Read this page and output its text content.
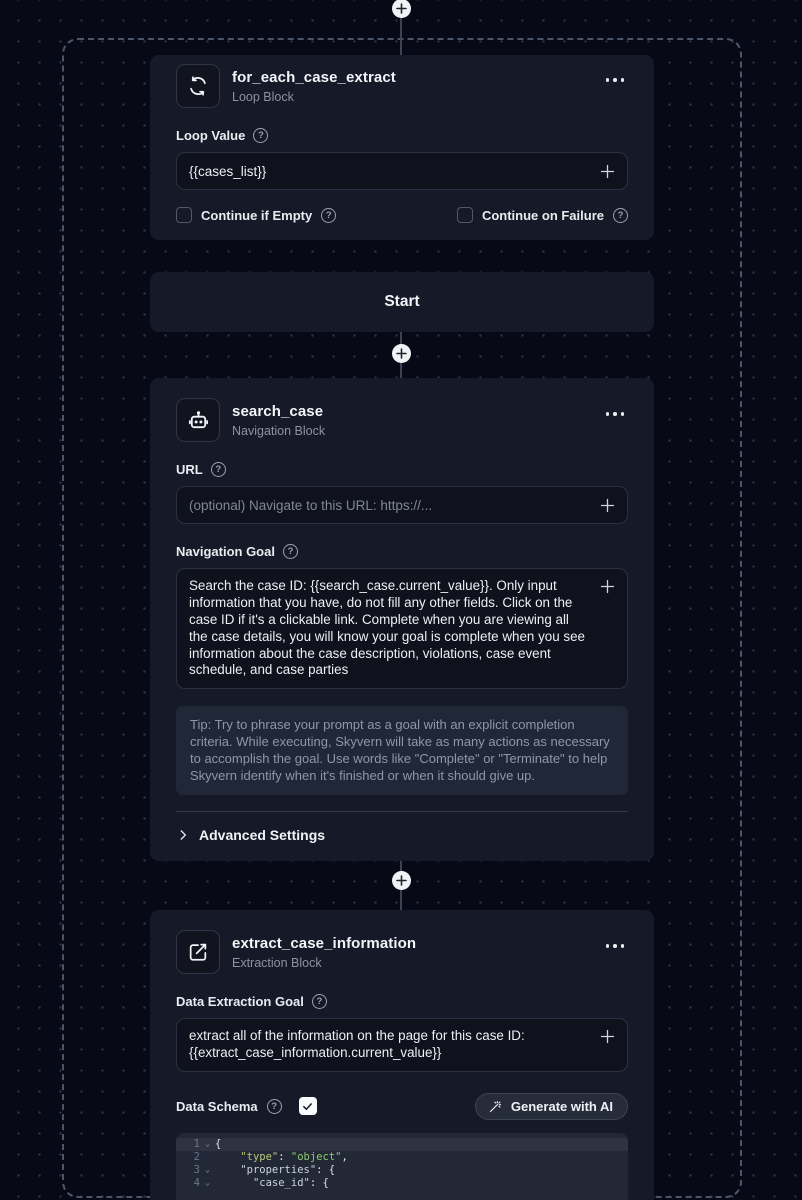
for_each_case_extract
Loop Block
Loop Value	?
{{cases_list}}
Continue if Empty	?	Continue on Failure	?
Start
search_case
Navigation Block
URL	?
(optional) Navigate to this URL: https://...
Navigation Goal	?
Search the case ID: {{search_case.current_value}}. Only input information that you have, do not fill any other fields. Click on the case ID if it's a clickable link. Complete when you are viewing all the case details, you will know your goal is complete when you see information about the case description, violations, case event schedule, and case parties
Tip: Try to phrase your prompt as a goal with an explicit completion criteria. While executing, Skyvern will take as many actions as necessary to accomplish the goal. Use words like "Complete" or "Terminate" to help Skyvern identify when it's finished or when it should give up.
Advanced Settings
extract_case_information
Extraction Block
Data Extraction Goal	?
extract all of the information on the page for this case ID: {{extract_case_information.current_value}}
Data Schema	?	Generate with AI
1 ⌄ {
2	"type": "object",
3 ⌄	"properties": {
4 ⌄	"case_id": {
